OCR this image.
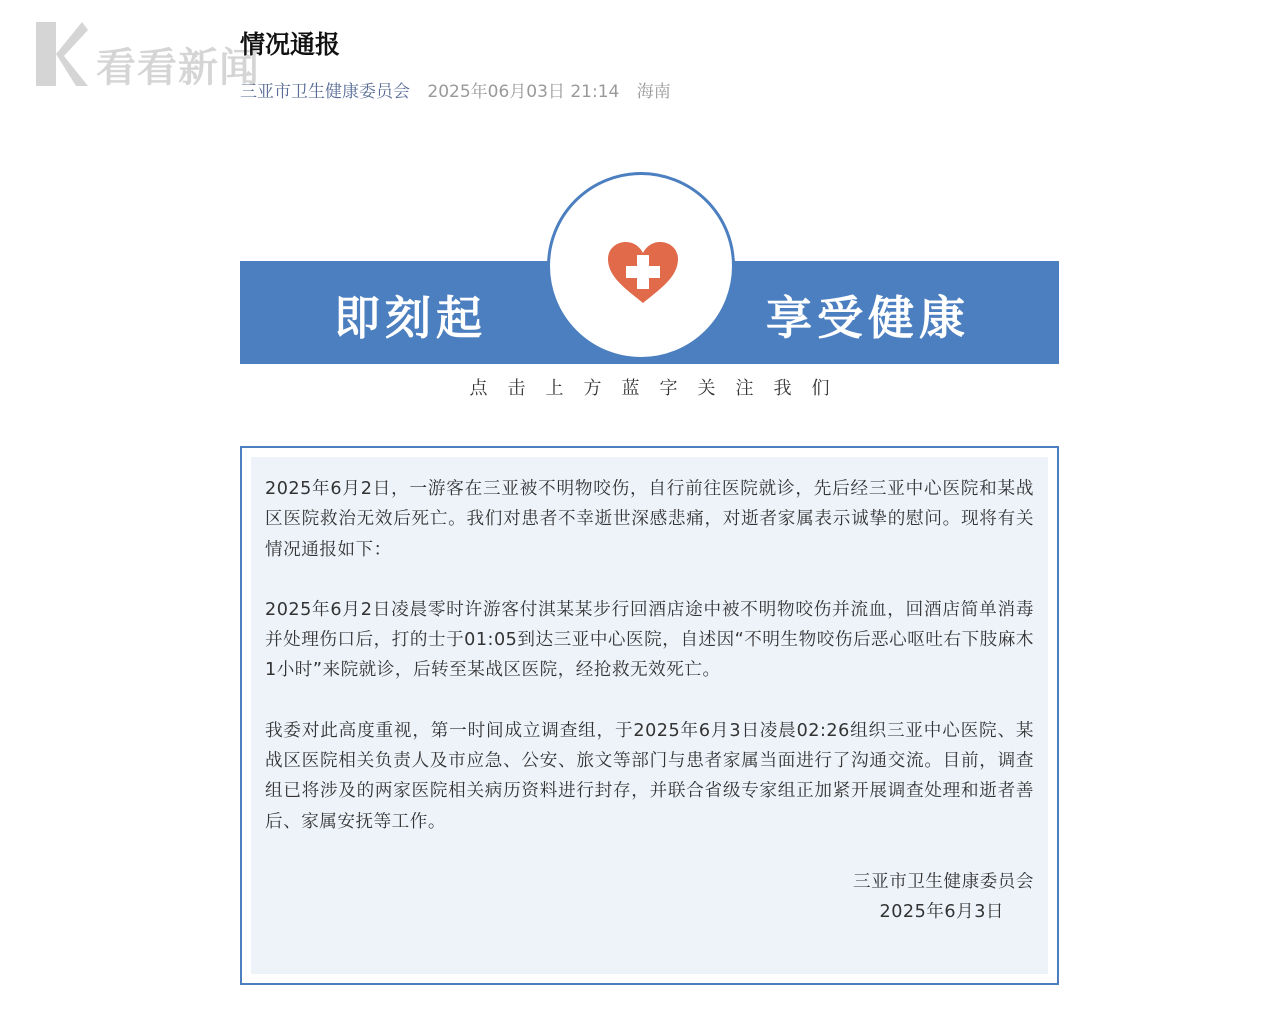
看看新闻
情况通报
三亚市卫生健康委员会 2025年06月03日 21:14 海南
即刻起	享受健康
点击上方蓝字关注我们

2025年6月2日，一游客在三亚被不明物咬伤，自行前往医院就诊，先后经三亚中心医院和某战区医院救治无效后死亡。我们对患者不幸逝世深感悲痛，对逝者家属表示诚挚的慰问。现将有关情况通报如下：

2025年6月2日凌晨零时许游客付淇某某步行回酒店途中被不明物咬伤并流血，回酒店简单消毒并处理伤口后，打的士于01:05到达三亚中心医院，自述因“不明生物咬伤后恶心呕吐右下肢麻木1小时”来院就诊，后转至某战区医院，经抢救无效死亡。

我委对此高度重视，第一时间成立调查组，于2025年6月3日凌晨02:26组织三亚中心医院、某战区医院相关负责人及市应急、公安、旅文等部门与患者家属当面进行了沟通交流。目前，调查组已将涉及的两家医院相关病历资料进行封存，并联合省级专家组正加紧开展调查处理和逝者善后、家属安抚等工作。

三亚市卫生健康委员会
2025年6月3日
